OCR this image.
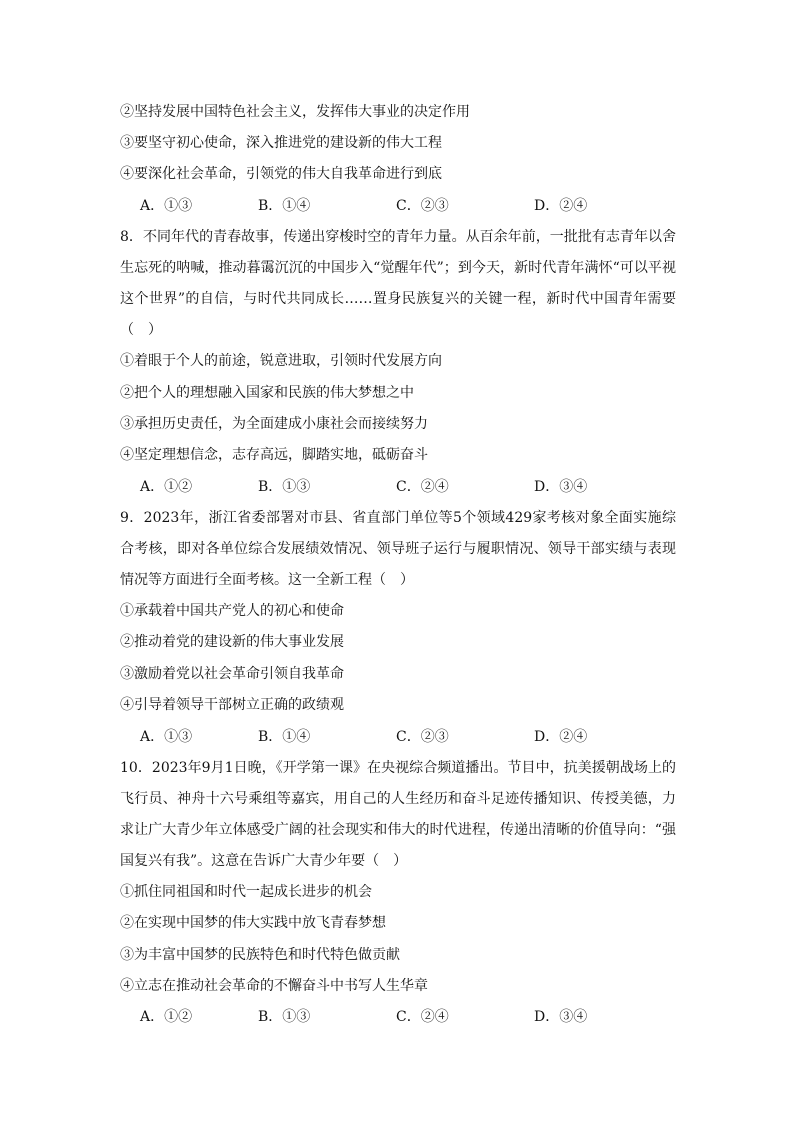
②坚持发展中国特色社会主义，发挥伟大事业的决定作用
③要坚守初心使命，深入推进党的建设新的伟大工程
④要深化社会革命，引领党的伟大自我革命进行到底
A．①③	B．①④	C．②③	D．②④
8．不同年代的青春故事，传递出穿梭时空的青年力量。从百余年前，一批批有志青年以舍生忘死的呐喊，推动暮霭沉沉的中国步入“觉醒年代”；到今天，新时代青年满怀“可以平视这个世界”的自信，与时代共同成长……置身民族复兴的关键一程，新时代中国青年需要（　）
①着眼于个人的前途，锐意进取，引领时代发展方向
②把个人的理想融入国家和民族的伟大梦想之中
③承担历史责任，为全面建成小康社会而接续努力
④坚定理想信念，志存高远，脚踏实地，砥砺奋斗
A．①②	B．①③	C．②④	D．③④
9．2023年，浙江省委部署对市县、省直部门单位等5个领域429家考核对象全面实施综合考核，即对各单位综合发展绩效情况、领导班子运行与履职情况、领导干部实绩与表现情况等方面进行全面考核。这一全新工程（　）
①承载着中国共产党人的初心和使命
②推动着党的建设新的伟大事业发展
③激励着党以社会革命引领自我革命
④引导着领导干部树立正确的政绩观
A．①③	B．①④	C．②③	D．②④
10．2023年9月1日晚，《开学第一课》在央视综合频道播出。节目中，抗美援朝战场上的飞行员、神舟十六号乘组等嘉宾，用自己的人生经历和奋斗足迹传播知识、传授美德，力求让广大青少年立体感受广阔的社会现实和伟大的时代进程，传递出清晰的价值导向：“强国复兴有我”。这意在告诉广大青少年要（　）
①抓住同祖国和时代一起成长进步的机会
②在实现中国梦的伟大实践中放飞青春梦想
③为丰富中国梦的民族特色和时代特色做贡献
④立志在推动社会革命的不懈奋斗中书写人生华章
A．①②	B．①③	C．②④	D．③④
